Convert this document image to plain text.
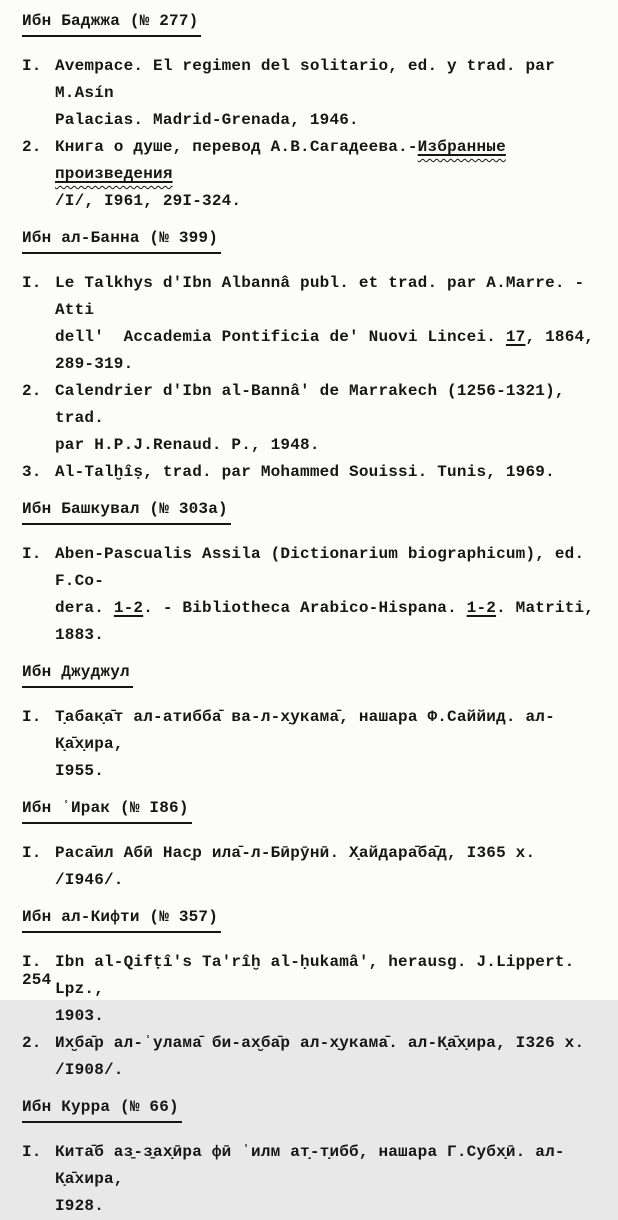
Ибн Баджжа (№ 277)
I. Avempace. El regimen del solitario, ed. y trad. par M.Asín
Palacias. Madrid-Grenada, 1946.
2. Книга о душе, перевод А.В.Сагадеева.-Избранные произведения
/I/, I961, 29I-324.
Ибн ал-Банна (№ 399)
I. Le Talkhys d'Ibn Albannâ publ. et trad. par A.Marre. - Atti
dell'  Accademia Pontificia de' Nuovi Lincei. 17, 1864,
289-319.
2. Calendrier d'Ibn al-Bannâ' de Marrakech (1256-1321), trad.
par H.P.J.Renaud. P., 1948.
3. Al-Talḫîṣ, trad. par Mohammed Souissi. Tunis, 1969.
Ибн Башкувал (№ 303а)
I. Aben-Pascualis Assila (Dictionarium biographicum), ed. F.Co-
dera. 1-2. - Bibliotheca Arabico-Hispana. 1-2. Matriti,
1883.
Ибн Джуджул
I. Т̣абак̣а̄т ал-атибба̄ ва-л-х̣укама̄, нашара Ф.Саййид. ал-К̣а̄х̣ира,
I955.
Ибн ʿИрак (№ I86)
I. Раса̄ил Абӣ Нас̣р ила̄-л-Бӣрӯнӣ. Х̣айдара̄ба̄д, I365 х. /I946/.
Ибн ал-Кифти (№ 357)
I. Ibn al-Qifṭî's Ta'rîḫ al-ḥukamâ', herausg. J.Lippert. Lpz.,
1903.
2. Их̮ба̄р ал-ʿулама̄ би-ах̮ба̄р ал-х̣укама̄. ал-К̣а̄х̣ира, I326 х.
/I908/.
Ибн Курра (№ 66)
I. Кита̄б аз̱-з̱ах̣ӣра фӣ ʿилм ат̣-т̣ибб, нашара Г.Субх̣ӣ. ал-К̣а̄хира,
I928.
254
